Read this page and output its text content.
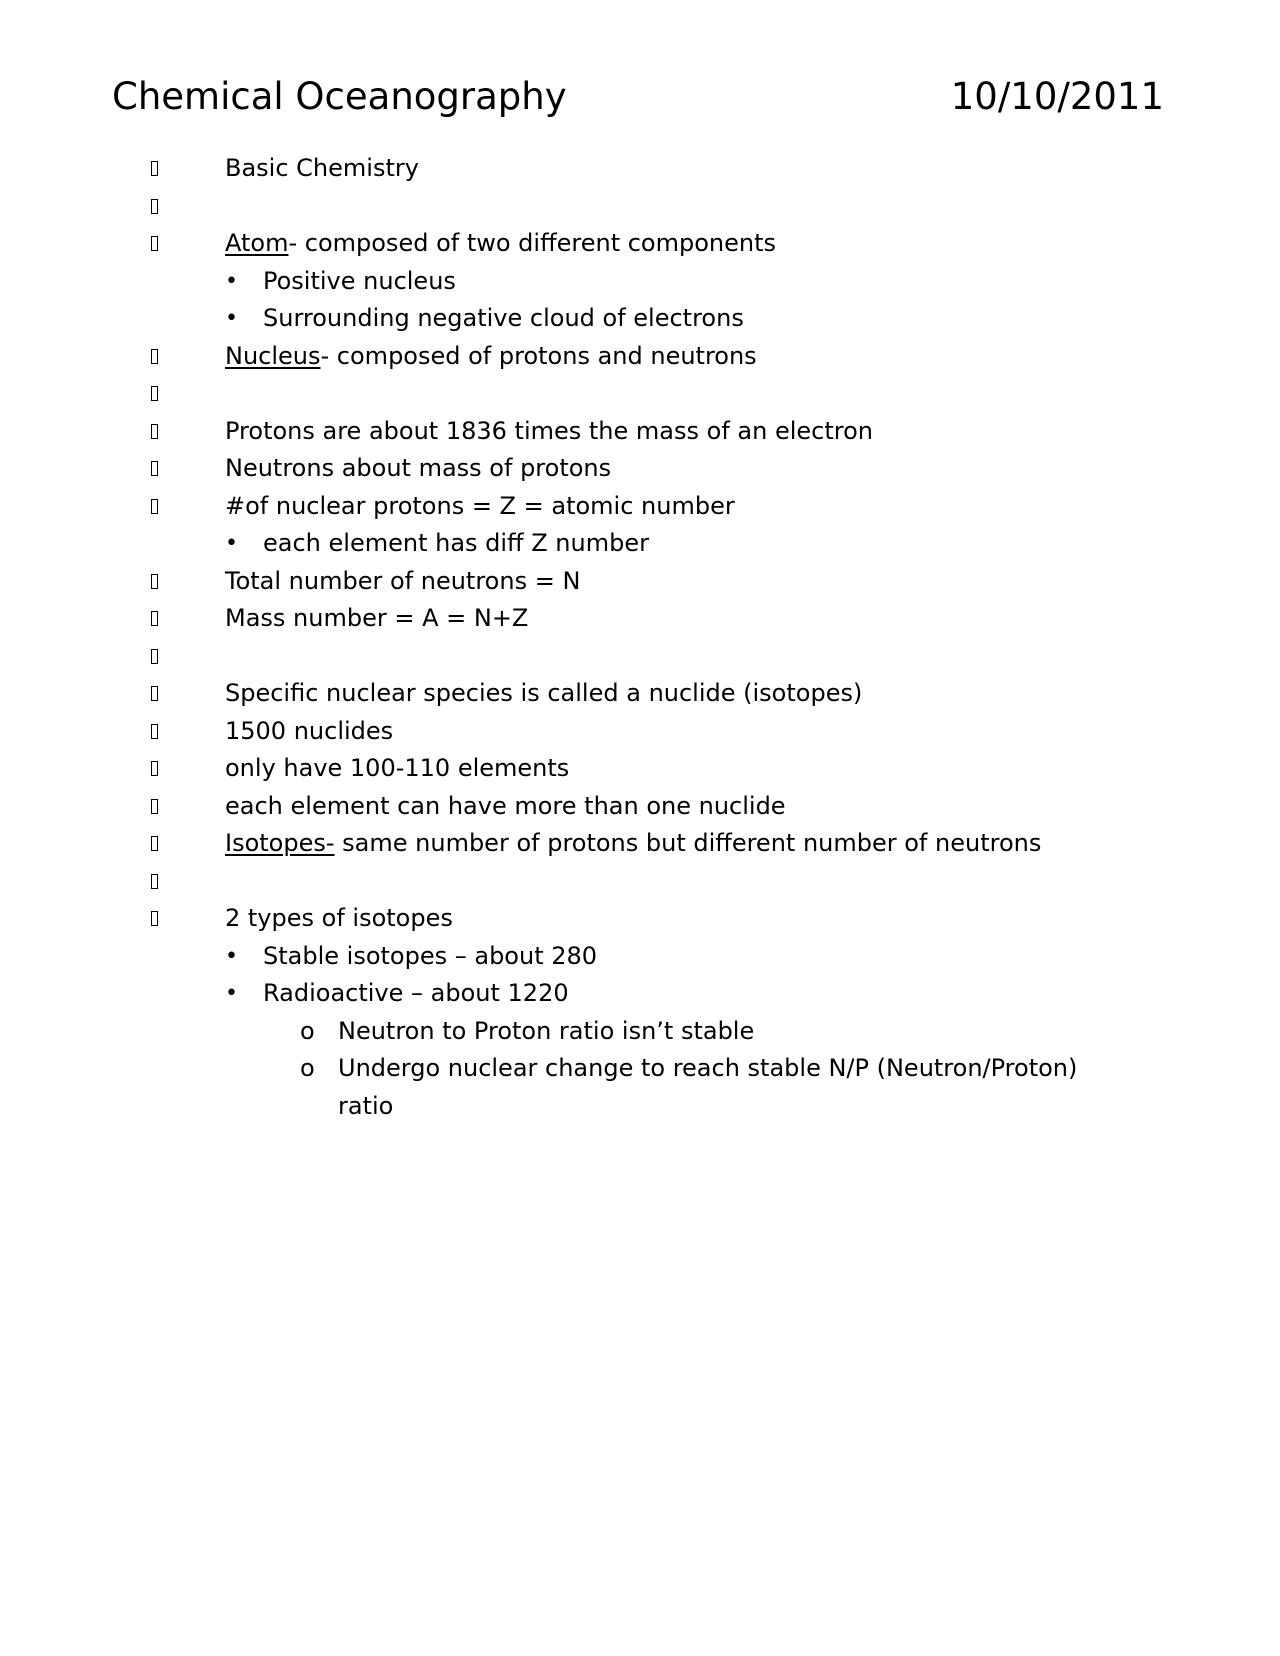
Chemical Oceanography	10/10/2011
Basic Chemistry
Atom- composed of two different components
• Positive nucleus
• Surrounding negative cloud of electrons
Nucleus- composed of protons and neutrons
Protons are about 1836 times the mass of an electron
Neutrons about mass of protons
#of nuclear protons = Z = atomic number
• each element has diff Z number
Total number of neutrons = N
Mass number = A = N+Z
Specific nuclear species is called a nuclide (isotopes)
1500 nuclides
only have 100-110 elements
each element can have more than one nuclide
Isotopes- same number of protons but different number of neutrons
2 types of isotopes
• Stable isotopes – about 280
• Radioactive – about 1220
o Neutron to Proton ratio isn’t stable
o Undergo nuclear change to reach stable N/P (Neutron/Proton)
ratio
